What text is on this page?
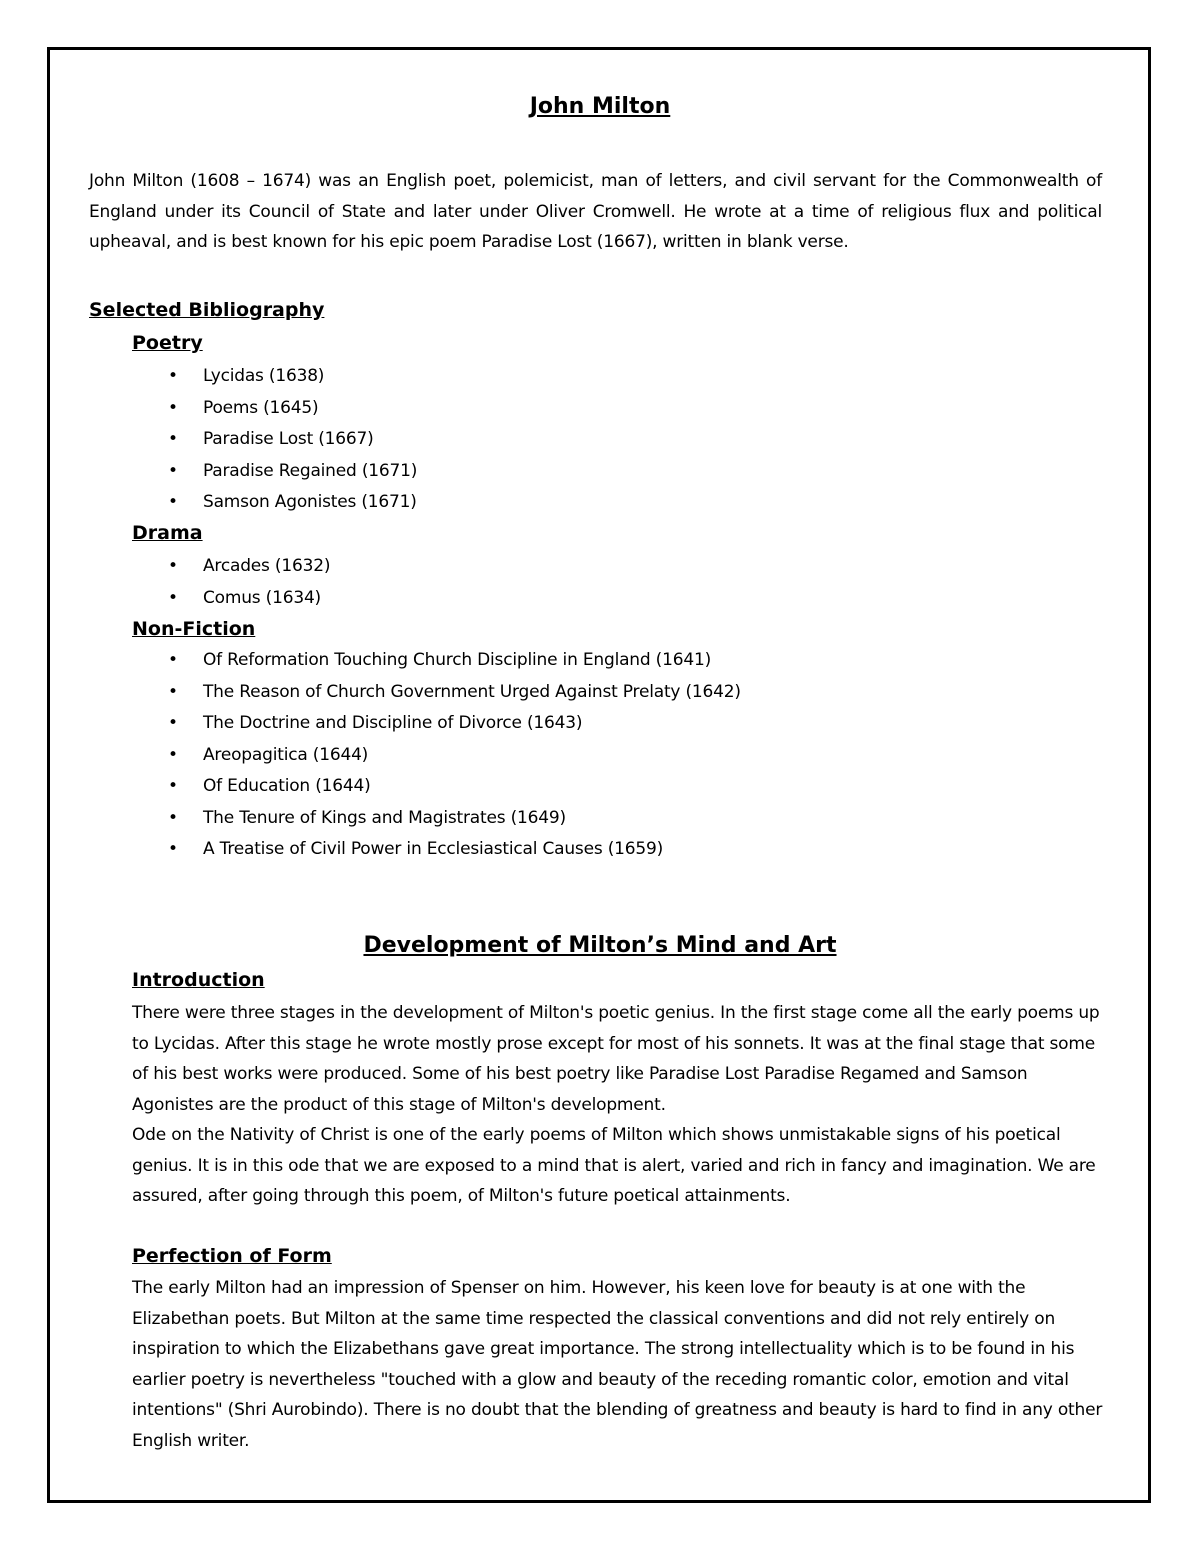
John Milton

John Milton (1608 – 1674) was an English poet, polemicist, man of letters, and civil servant for the Commonwealth of England under its Council of State and later under Oliver Cromwell. He wrote at a time of religious flux and political upheaval, and is best known for his epic poem Paradise Lost (1667), written in blank verse.

Selected Bibliography
Poetry
• Lycidas (1638)
• Poems (1645)
• Paradise Lost (1667)
• Paradise Regained (1671)
• Samson Agonistes (1671)
Drama
• Arcades (1632)
• Comus (1634)
Non-Fiction
• Of Reformation Touching Church Discipline in England (1641)
• The Reason of Church Government Urged Against Prelaty (1642)
• The Doctrine and Discipline of Divorce (1643)
• Areopagitica (1644)
• Of Education (1644)
• The Tenure of Kings and Magistrates (1649)
• A Treatise of Civil Power in Ecclesiastical Causes (1659)
Development of Milton’s Mind and Art
Introduction

There were three stages in the development of Milton's poetic genius. In the first stage come all the early poems up to Lycidas. After this stage he wrote mostly prose except for most of his sonnets. It was at the final stage that some of his best works were produced. Some of his best poetry like Paradise Lost Paradise Regamed and Samson Agonistes are the product of this stage of Milton's development.

Ode on the Nativity of Christ is one of the early poems of Milton which shows unmistakable signs of his poetical genius. It is in this ode that we are exposed to a mind that is alert, varied and rich in fancy and imagination. We are assured, after going through this poem, of Milton's future poetical attainments.

Perfection of Form

The early Milton had an impression of Spenser on him. However, his keen love for beauty is at one with the Elizabethan poets. But Milton at the same time respected the classical conventions and did not rely entirely on inspiration to which the Elizabethans gave great importance. The strong intellectuality which is to be found in his earlier poetry is nevertheless "touched with a glow and beauty of the receding romantic color, emotion and vital intentions" (Shri Aurobindo). There is no doubt that the blending of greatness and beauty is hard to find in any other English writer.
